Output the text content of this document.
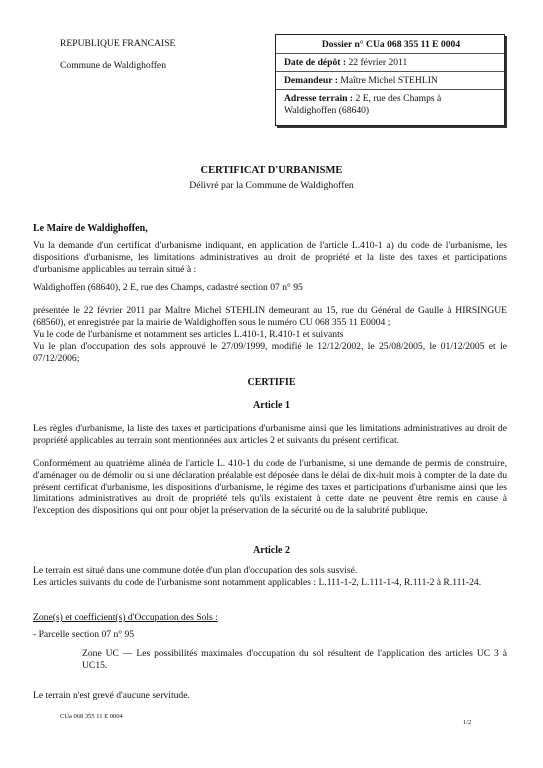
REPUBLIQUE FRANCAISE
Commune de Waldighoffen
Dossier n° CUa 068 355 11 E 0004
Date de dépôt : 22 février 2011
Demandeur : Maître Michel STEHLIN
Adresse terrain : 2 E, rue des Champs à
Waldighoffen (68640)
CERTIFICAT D'URBANISME
Délivré par la Commune de Waldighoffen
Le Maire de Waldighoffen,
Vu la demande d'un certificat d'urbanisme indiquant, en application de l'article L.410-1 a) du code de l'urbanisme, les dispositions d'urbanisme, les limitations administratives au droit de propriété et la liste des taxes et participations d'urbanisme applicables au terrain situé à :
Waldighoffen (68640), 2 E, rue des Champs, cadastré section 07 n° 95
présentée le 22 février 2011 par Maître Michel STEHLIN demeurant au 15, rue du Général de Gaulle à HIRSINGUE (68560), et enregistrée par la mairie de Waldighoffen sous le numéro CU 068 355 11 E0004 ;
Vu le code de l'urbanisme et notamment ses articles L.410-1, R.410-1 et suivants
Vu le plan d'occupation des sols approuvé le 27/09/1999, modifié le 12/12/2002, le 25/08/2005, le 01/12/2005 et le 07/12/2006;
CERTIFIE
Article 1
Les règles d'urbanisme, la liste des taxes et participations d'urbanisme ainsi que les limitations administratives au droit de propriété applicables au terrain sont mentionnées aux articles 2 et suivants du présent certificat.
Conformément au quatrième alinéa de l'article L. 410-1 du code de l'urbanisme, si une demande de permis de construire, d'aménager ou de démolir ou si une déclaration préalable est déposée dans le délai de dix-huit mois à compter de la date du présent certificat d'urbanisme, les dispositions d'urbanisme, le régime des taxes et participations d'urbanisme ainsi que les limitations administratives au droit de propriété tels qu'ils existaient à cette date ne peuvent être remis en cause à l'exception des dispositions qui ont pour objet la préservation de la sécurité ou de la salubrité publique.
Article 2
Le terrain est situé dans une commune dotée d'un plan d'occupation des sols susvisé.
Les articles suivants du code de l'urbanisme sont notamment applicables : L.111-1-2, L.111-1-4, R.111-2 à R.111-24.
Zone(s) et coefficient(s) d'Occupation des Sols :
- Parcelle section 07 n° 95
Zone UC — Les possibilités maximales d'occupation du sol résultent de l'application des articles UC 3 à UC15.
Le terrain n'est grevé d'aucune servitude.
CUa 068 355 11 E 0004
1/2
